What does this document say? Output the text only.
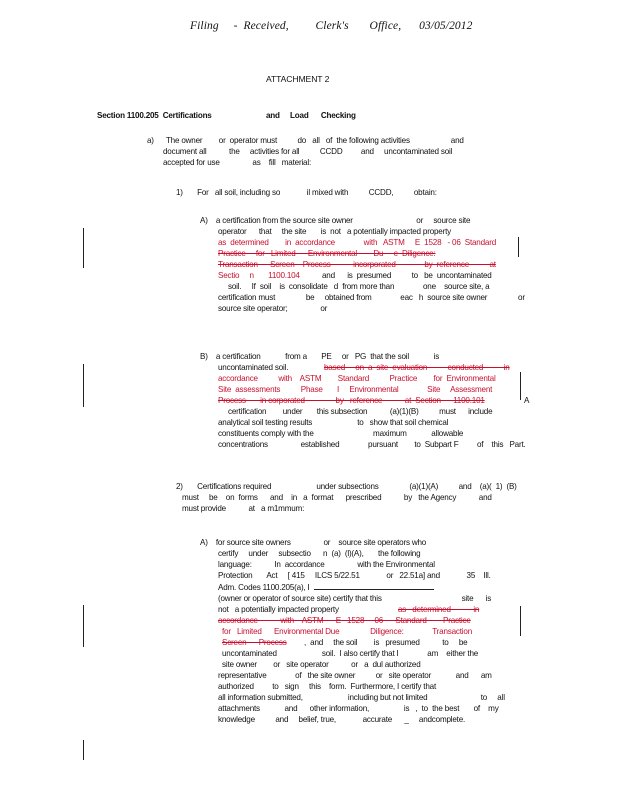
Filing -  Received, Clerk's       Office, 03/05/2012
ATTACHMENT 2
Section 1100.205  Certifications	and     Load      Checking
a)      The owner        or  operator must          do   all   of  the following activities                    and
document all           the     activities for all          CCDD         and     uncontaminated soil
accepted for use                as    fill   material:
1)       For   all soil, including so             il mixed with          CCDD,          obtain:
A)    a certification from the source site owner                               or     source site
operator      that     the site       is  not   a potentially impacted property
as  determined        in  accordance              with   ASTM     E  1528   - 06  Standard
Practice     for   Limited      Environmental        Du     e  Diligence:
Transaction      Screen    Process           incorporated              by  reference          at
Sectio     n       1100.104	and      is  presumed          to   be  uncontaminated
soil.     If  soil    is  consolidate   d  from more than              one    source site, a
certification must               be     obtained from              eac   h  source site owner               or
source site operator;                or
B)    a certification            from a       PE     or   PG  that the soil            is
uncontaminated soil.	based     on  a  site  evaluation          conducted          in
accordance          with    ASTM        Standard          Practice        for  Environmental
Site  assessments          Phase       I     Environmental              Site     Assessment
Process       in corporated               by   reference           at  Section      1100.101	A
certification        under       this subsection           (a)(1)(B)          must      include
analytical soil testing results                      to   show that soil chemical
constituents comply with the                             maximum            allowable
concentrations                established              pursuant        to  Subpart F         of    this   Part.
2)       Certifications required                      under subsections               (a)(1)(A)          and    (a)(  1)  (B)
must     be    on  forms      and    in   a  format      prescribed           by   the Agency           and
must provide           at   a m1mmum:
A)    for source site owners                or    source site operators who
certify     under     subsectio      n  (a)  (l)(A),       the following
language:           In  accordance                with the Environmental
Protection       Act     [ 415     ILCS 5/22.51             or   22.51a] and             35    Ill.
Adm. Codes 1100.205(a), I
(owner or operator of source site) certify that this                                       site      is
not   a potentially impacted property	as   determined           in
accordance           with    ASTM      E   1528     06      Standard        Practice
for   Limited      Environmental Due               Diligence:              Transaction
Screen      Process ,  and     the soil        is   presumed           to     be
uncontaminated                      soil.  I also certify that I              am    either the
site owner        or   site operator           or   a  dul authorized
representative              of   the site owner          or   site operator            and      am
authorized         to   sign     this    form.  Furthermore, I certify that
all information submitted,                      including but not limited                          to     all
attachments            and      other information,                 is   ,  to  the best       of    my
knowledge          and     belief, true,             accurate      _     andcomplete.
